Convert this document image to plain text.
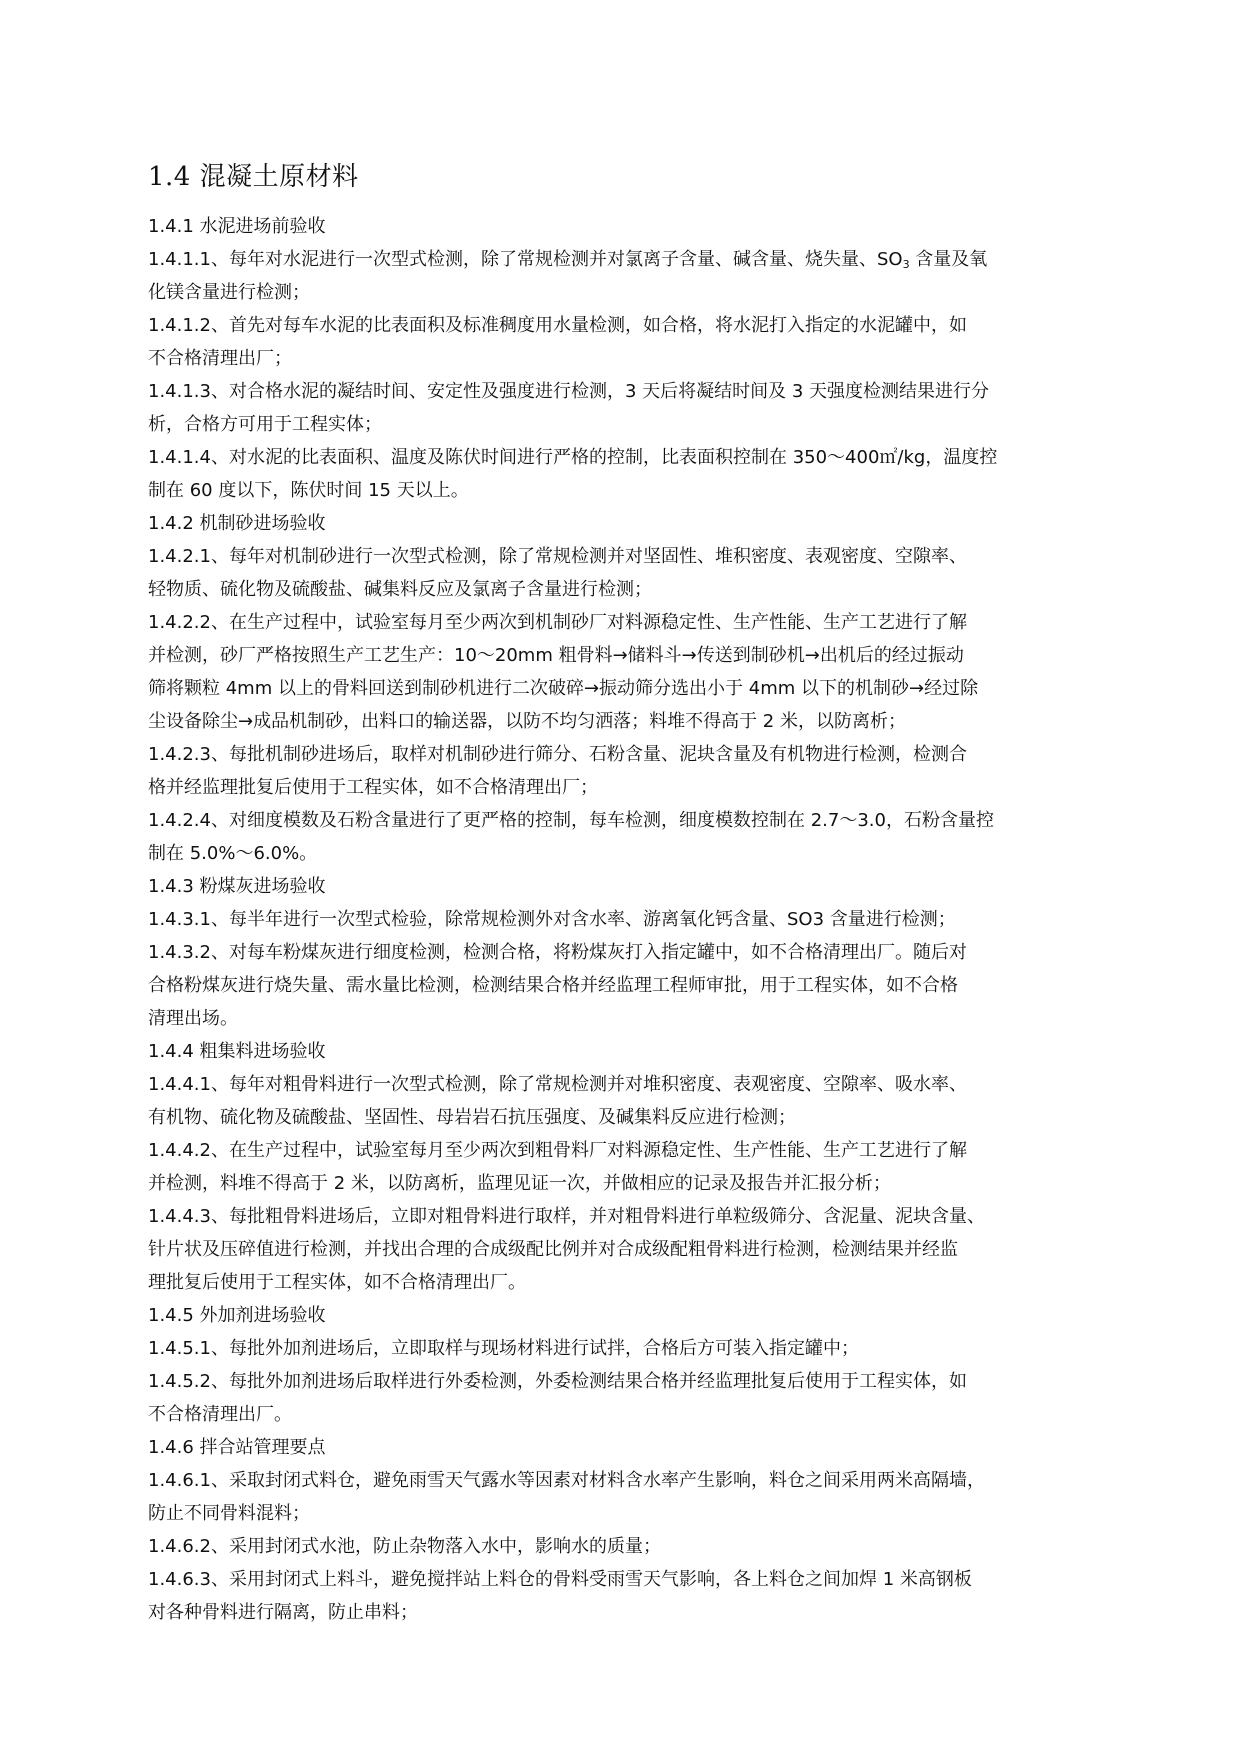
1.4 混凝土原材料

1.4.1 水泥进场前验收

1.4.1.1、每年对水泥进行一次型式检测，除了常规检测并对氯离子含量、碱含量、烧失量、$SO_3$ 含量及氧

化镁含量进行检测；

1.4.1.2、首先对每车水泥的比表面积及标准稠度用水量检测，如合格，将水泥打入指定的水泥罐中，如

不合格清理出厂；

1.4.1.3、对合格水泥的凝结时间、安定性及强度进行检测，3 天后将凝结时间及 3 天强度检测结果进行分

析，合格方可用于工程实体；

1.4.1.4、对水泥的比表面积、温度及陈伏时间进行严格的控制，比表面积控制在 350～400㎡/kg，温度控

制在 60 度以下，陈伏时间 15 天以上。

1.4.2 机制砂进场验收

1.4.2.1、每年对机制砂进行一次型式检测，除了常规检测并对坚固性、堆积密度、表观密度、空隙率、

轻物质、硫化物及硫酸盐、碱集料反应及氯离子含量进行检测；

1.4.2.2、在生产过程中，试验室每月至少两次到机制砂厂对料源稳定性、生产性能、生产工艺进行了解

并检测，砂厂严格按照生产工艺生产：10～20mm 粗骨料→储料斗→传送到制砂机→出机后的经过振动

筛将颗粒 4mm 以上的骨料回送到制砂机进行二次破碎→振动筛分选出小于 4mm 以下的机制砂→经过除

尘设备除尘→成品机制砂，出料口的输送器，以防不均匀洒落；料堆不得高于 2 米，以防离析；

1.4.2.3、每批机制砂进场后，取样对机制砂进行筛分、石粉含量、泥块含量及有机物进行检测，检测合

格并经监理批复后使用于工程实体，如不合格清理出厂；

1.4.2.4、对细度模数及石粉含量进行了更严格的控制，每车检测，细度模数控制在 2.7～3.0，石粉含量控

制在 5.0%～6.0%。

1.4.3 粉煤灰进场验收

1.4.3.1、每半年进行一次型式检验，除常规检测外对含水率、游离氧化钙含量、SO3 含量进行检测；

1.4.3.2、对每车粉煤灰进行细度检测，检测合格，将粉煤灰打入指定罐中，如不合格清理出厂。随后对

合格粉煤灰进行烧失量、需水量比检测，检测结果合格并经监理工程师审批，用于工程实体，如不合格

清理出场。

1.4.4 粗集料进场验收

1.4.4.1、每年对粗骨料进行一次型式检测，除了常规检测并对堆积密度、表观密度、空隙率、吸水率、

有机物、硫化物及硫酸盐、坚固性、母岩岩石抗压强度、及碱集料反应进行检测；

1.4.4.2、在生产过程中，试验室每月至少两次到粗骨料厂对料源稳定性、生产性能、生产工艺进行了解

并检测，料堆不得高于 2 米，以防离析，监理见证一次，并做相应的记录及报告并汇报分析；

1.4.4.3、每批粗骨料进场后，立即对粗骨料进行取样，并对粗骨料进行单粒级筛分、含泥量、泥块含量、

针片状及压碎值进行检测，并找出合理的合成级配比例并对合成级配粗骨料进行检测，检测结果并经监

理批复后使用于工程实体，如不合格清理出厂。

1.4.5 外加剂进场验收

1.4.5.1、每批外加剂进场后，立即取样与现场材料进行试拌，合格后方可装入指定罐中；

1.4.5.2、每批外加剂进场后取样进行外委检测，外委检测结果合格并经监理批复后使用于工程实体，如

不合格清理出厂。

1.4.6 拌合站管理要点

1.4.6.1、采取封闭式料仓，避免雨雪天气露水等因素对材料含水率产生影响，料仓之间采用两米高隔墙，

防止不同骨料混料；

1.4.6.2、采用封闭式水池，防止杂物落入水中，影响水的质量；

1.4.6.3、采用封闭式上料斗，避免搅拌站上料仓的骨料受雨雪天气影响，各上料仓之间加焊 1 米高钢板

对各种骨料进行隔离，防止串料；
